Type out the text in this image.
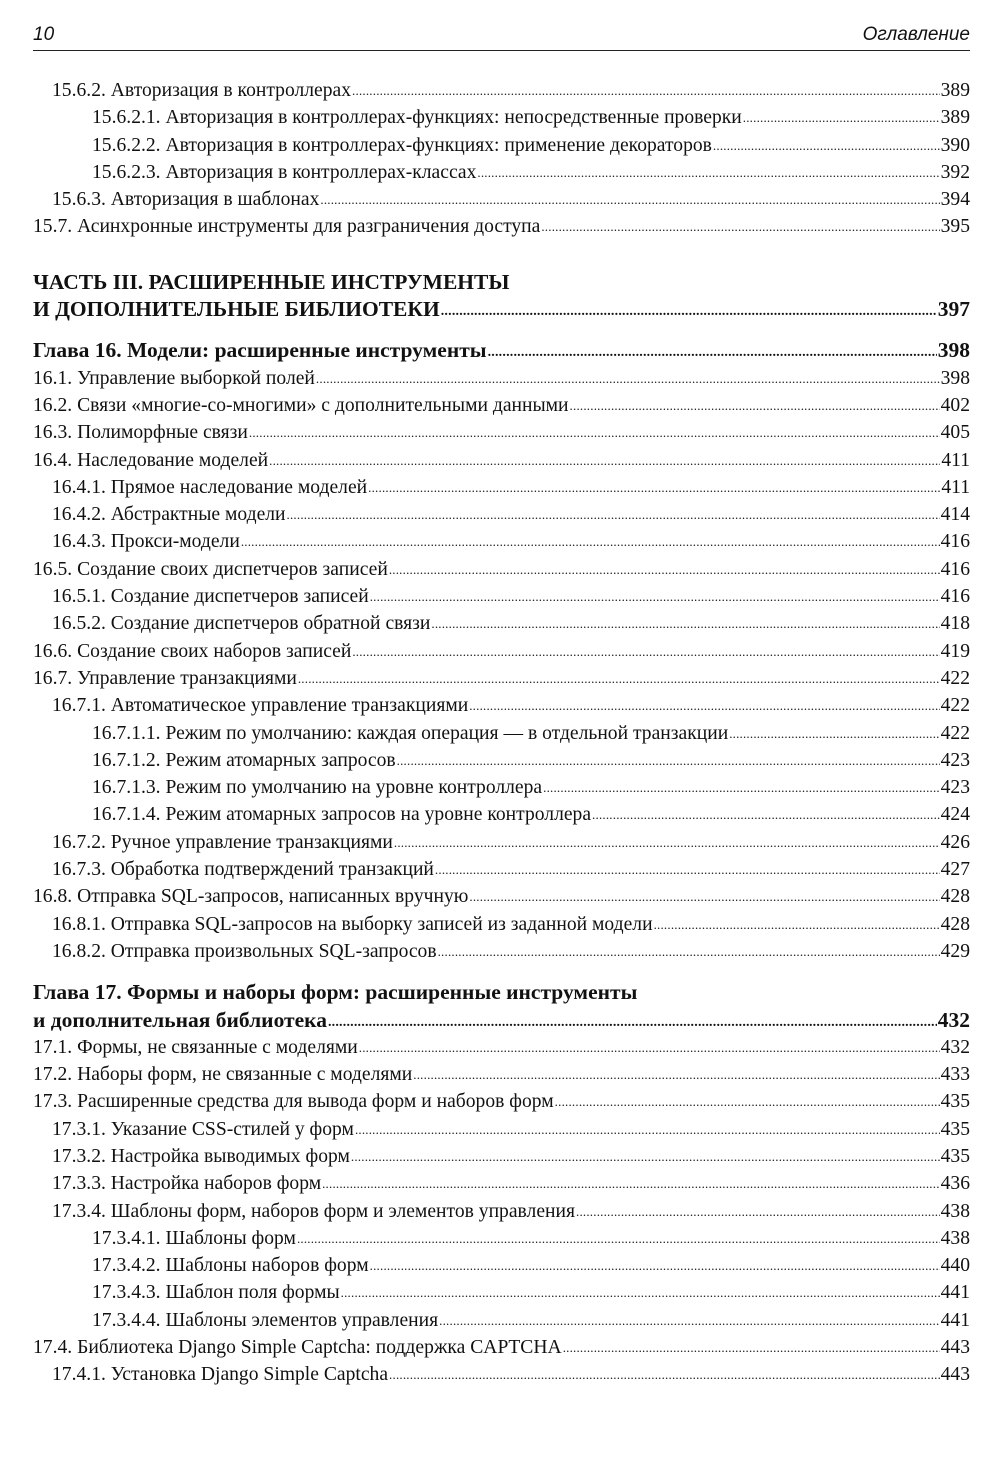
10	Оглавление
15.6.2. Авторизация в контроллерах .....	389
15.6.2.1. Авторизация в контроллерах-функциях: непосредственные проверки .....	389
15.6.2.2. Авторизация в контроллерах-функциях: применение декораторов .....	390
15.6.2.3. Авторизация в контроллерах-классах .....	392
15.6.3. Авторизация в шаблонах .....	394
15.7. Асинхронные инструменты для разграничения доступа .....	395
ЧАСТЬ III. РАСШИРЕННЫЕ ИНСТРУМЕНТЫ
И ДОПОЛНИТЕЛЬНЫЕ БИБЛИОТЕКИ .....	397
Глава 16. Модели: расширенные инструменты .....	398
16.1. Управление выборкой полей .....	398
16.2. Связи «многие-со-многими» с дополнительными данными .....	402
16.3. Полиморфные связи .....	405
16.4. Наследование моделей .....	411
16.4.1. Прямое наследование моделей .....	411
16.4.2. Абстрактные модели .....	414
16.4.3. Прокси-модели .....	416
16.5. Создание своих диспетчеров записей .....	416
16.5.1. Создание диспетчеров записей .....	416
16.5.2. Создание диспетчеров обратной связи .....	418
16.6. Создание своих наборов записей .....	419
16.7. Управление транзакциями .....	422
16.7.1. Автоматическое управление транзакциями .....	422
16.7.1.1. Режим по умолчанию: каждая операция — в отдельной транзакции .....	422
16.7.1.2. Режим атомарных запросов .....	423
16.7.1.3. Режим по умолчанию на уровне контроллера .....	423
16.7.1.4. Режим атомарных запросов на уровне контроллера .....	424
16.7.2. Ручное управление транзакциями .....	426
16.7.3. Обработка подтверждений транзакций .....	427
16.8. Отправка SQL-запросов, написанных вручную .....	428
16.8.1. Отправка SQL-запросов на выборку записей из заданной модели .....	428
16.8.2. Отправка произвольных SQL-запросов .....	429
Глава 17. Формы и наборы форм: расширенные инструменты
и дополнительная библиотека .....	432
17.1. Формы, не связанные с моделями .....	432
17.2. Наборы форм, не связанные с моделями .....	433
17.3. Расширенные средства для вывода форм и наборов форм .....	435
17.3.1. Указание CSS-стилей у форм .....	435
17.3.2. Настройка выводимых форм .....	435
17.3.3. Настройка наборов форм .....	436
17.3.4. Шаблоны форм, наборов форм и элементов управления .....	438
17.3.4.1. Шаблоны форм .....	438
17.3.4.2. Шаблоны наборов форм .....	440
17.3.4.3. Шаблон поля формы .....	441
17.3.4.4. Шаблоны элементов управления .....	441
17.4. Библиотека Django Simple Captcha: поддержка CAPTCHA .....	443
17.4.1. Установка Django Simple Captcha .....	443
